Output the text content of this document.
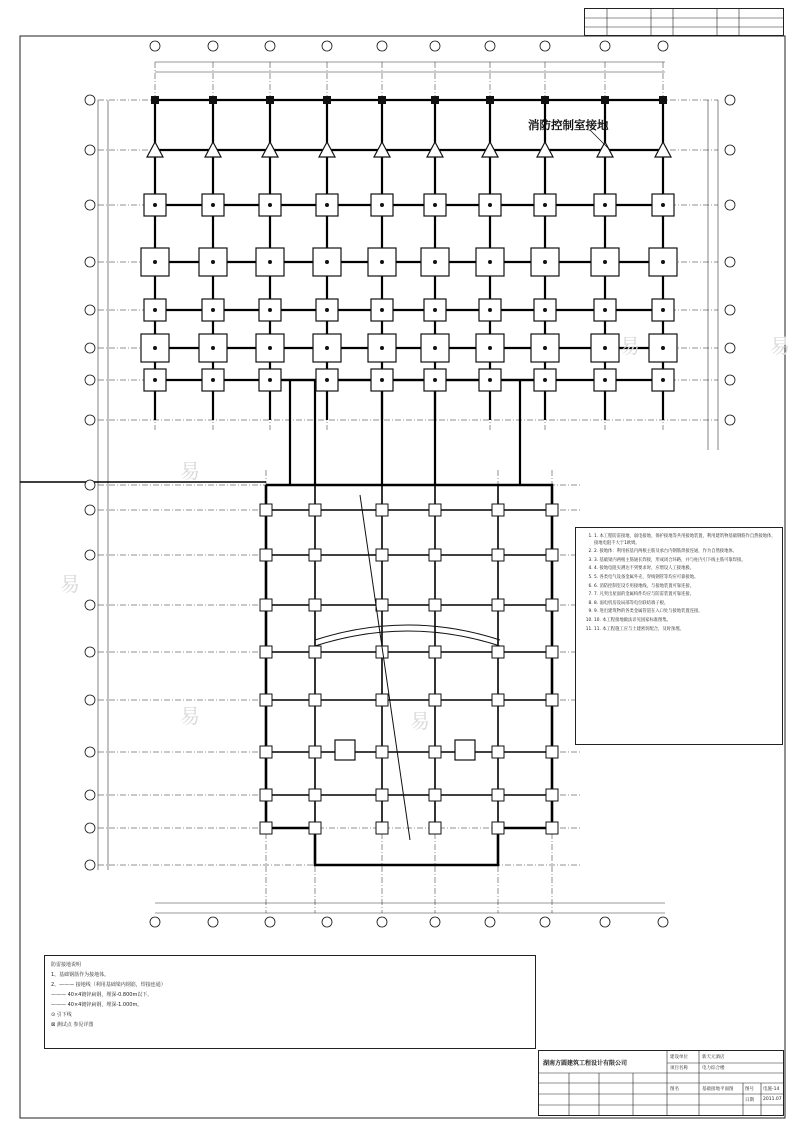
易
易
易
易
易	易
消防控制室接地
1. 1. 本工程防雷接地、弱电接地、保护接地等共用接地装置，利用建筑物基础钢筋作自然接地体，接地电阻不大于1欧姆。
2. 2. 接地体：利用桩基内两根主筋及承台内钢筋焊接连通，作为自然接地体。
3. 3. 基础梁内两根主筋通长焊接，形成闭合环路，并与柱内引下线主筋可靠焊接。
4. 4. 接地电阻实测达不到要求时，应增设人工接地极。
5. 5. 各类电气设备金属外壳、穿线钢管等均应可靠接地。
6. 6. 消防控制室设专用接地线，与接地装置可靠连接。
7. 7. 凡突出屋面的金属构件均应与防雷装置可靠连接。
8. 8. 弱电机房设局部等电位联结端子板。
9. 9. 进出建筑物的各类金属管道在入口处与接地装置连接。
10. 10. 本工程接地做法详见国家标准图集。
11. 11. 本工程施工应与土建密切配合，及时预埋。
防雷接地说明
1、基础钢筋作为接地体。
2、——— 接地线（利用基础梁内钢筋，焊接连通）
——— 40×4镀锌扁钢，埋深-0.800m以下。
——— 40×4镀锌扁钢，埋深-1.000m。
⊙ 引下线
⊠ 测试点 参见详图
湖南方圆建筑工程设计有限公司
建设单位	新天元酒店
项目名称	电力综合楼
图名	基础接地平面图	图号 电施-14
日期 2011.07
